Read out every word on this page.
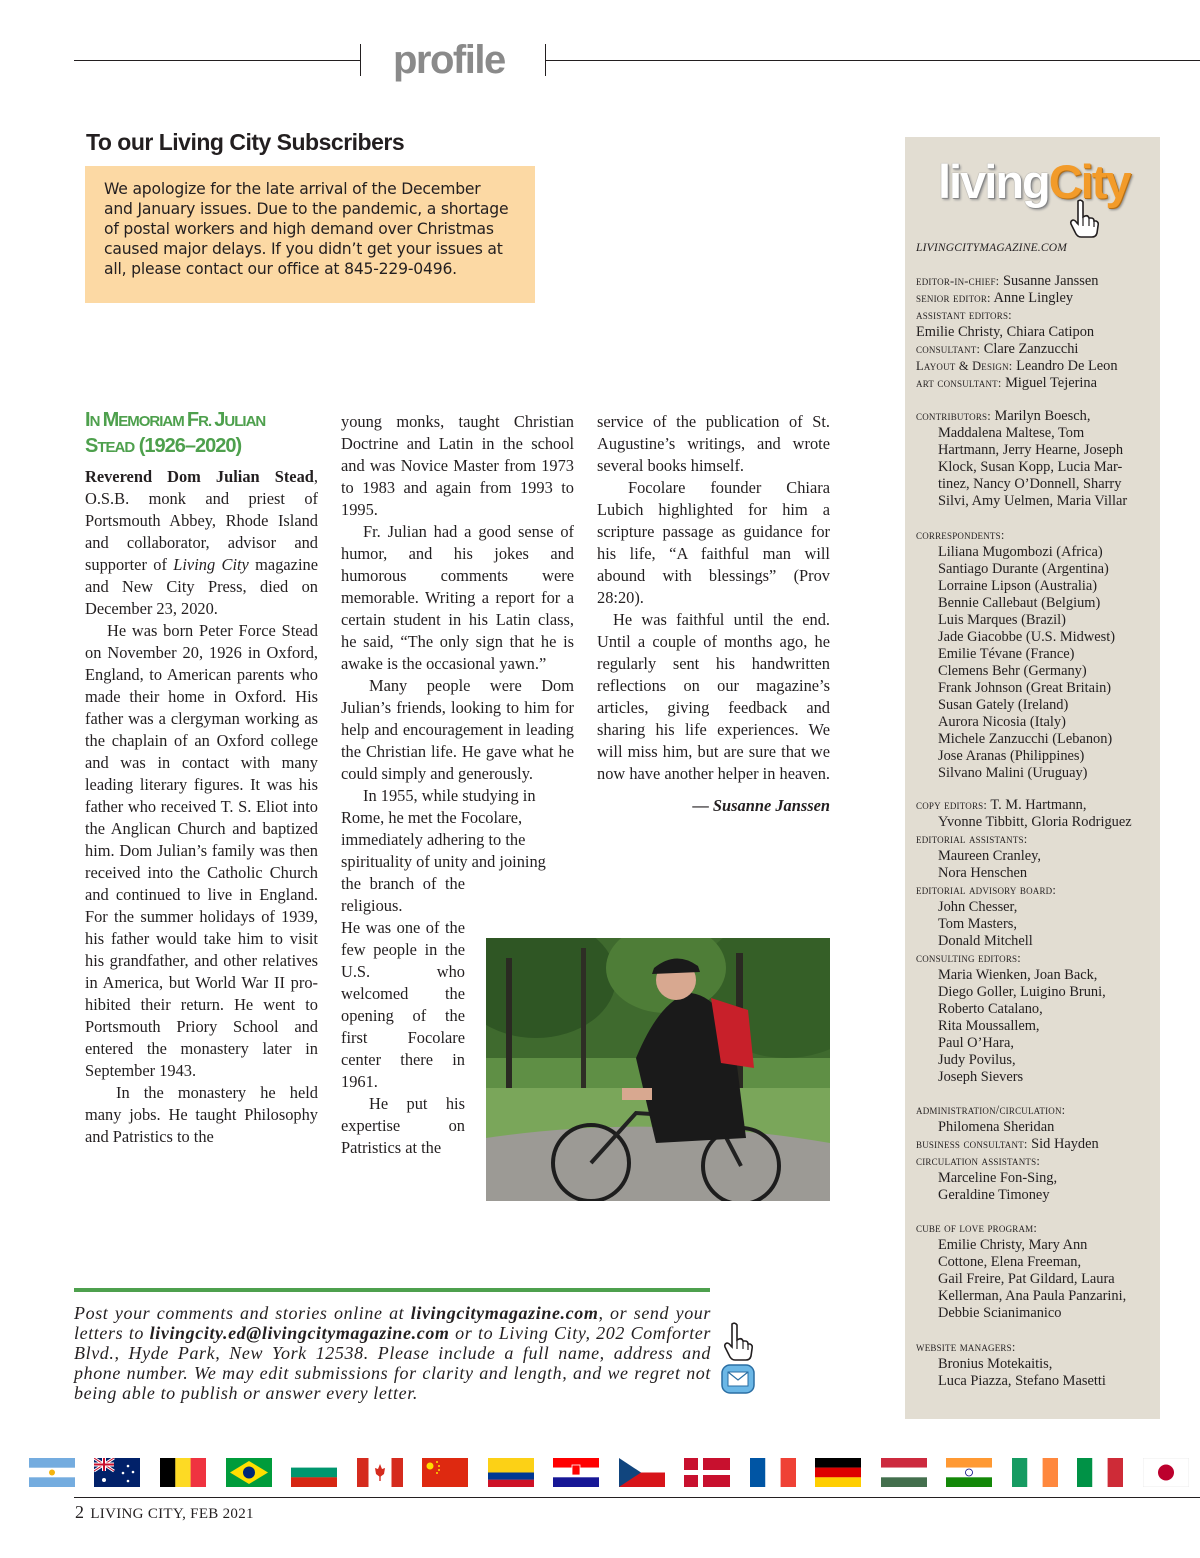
profile
To our Living City Subscribers
We apologize for the late arrival of the December
and January issues. Due to the pandemic, a shortage
of postal workers and high demand over Christmas
caused major delays. If you didn’t get your issues at
all, please contact our office at 845-229-0496.
IN MEMORIAM FR. JULIAN
STEAD (1926–2020)

Reverend Dom Julian Stead, O.S.B. monk and priest of Portsmouth Abbey, Rhode Island and collaborator, advisor and supporter of Living City magazine and New City Press, died on December 23, 2020.

He was born Peter Force Stead on November 20, 1926 in Oxford, England, to American parents who made their home in Oxford. His father was a clergyman working as the chaplain of an Oxford college and was in contact with many leading literary figures. It was his father who received T. S. Eliot into the Anglican Church and baptized him. Dom Julian’s family was then received into the Catholic Church and continued to live in England. For the summer holidays of 1939, his father would take him to visit his grandfather, and other relatives in America, but World War II prohibited their return. He went to Portsmouth Priory School and entered the monastery later in September 1943.

In the monastery he held many jobs. He taught Philosophy and Patristics to the

young monks, taught Christian Doctrine and Latin in the school and was Novice Master from 1973 to 1983 and again from 1993 to 1995.

Fr. Julian had a good sense of humor, and his jokes and humorous comments were memorable. Writing a report for a certain student in his Latin class, he said, “The only sign that he is awake is the occasional yawn.”

Many people were Dom Julian’s friends, looking to him for help and encouragement in leading the Christian life. He gave what he could simply and generously.

In 1955, while studying in Rome, he met the Focolare, immediately adhering to the spirituality of unity and joining

the branch of the religious.

He was one of the few people in the U.S. who welcomed the opening of the first Focolare center there in 1961.

He put his expertise on Patristics at the

service of the publication of St. Augustine’s writings, and wrote several books himself.

Focolare founder Chiara Lubich highlighted for him a scripture passage as guidance for his life, “A faithful man will abound with blessings” (Prov 28:20).

He was faithful until the end. Until a couple of months ago, he regularly sent his handwritten reflections on our magazine’s articles, giving feedback and sharing his life experiences. We will miss him, but are sure that we now have another helper in heaven.

— Susanne Janssen

livingCity
LIVINGCITYMAGAZINE.COM
editor-in-chief: Susanne Janssen
senior editor: Anne Lingley
assistant editors:
Emilie Christy, Chiara Catipon
consultant: Clare Zanzucchi
Layout & Design: Leandro De Leon
art consultant: Miguel Tejerina
contributors: Marilyn Boesch,
Maddalena Maltese, Tom
Hartmann, Jerry Hearne, Joseph
Klock, Susan Kopp, Lucia Mar-
tinez, Nancy O’Donnell, Sharry
Silvi, Amy Uelmen, Maria Villar
correspondents:
Liliana Mugombozi (Africa)
Santiago Durante (Argentina)
Lorraine Lipson (Australia)
Bennie Callebaut (Belgium)
Luis Marques (Brazil)
Jade Giacobbe (U.S. Midwest)
Emilie Tévane (France)
Clemens Behr (Germany)
Frank Johnson (Great Britain)
Susan Gately (Ireland)
Aurora Nicosia (Italy)
Michele Zanzucchi (Lebanon)
Jose Aranas (Philippines)
Silvano Malini (Uruguay)
copy editors: T. M. Hartmann,
Yvonne Tibbitt, Gloria Rodriguez
editorial assistants:
Maureen Cranley,
Nora Henschen
editorial advisory board:
John Chesser,
Tom Masters,
Donald Mitchell
consulting editors:
Maria Wienken, Joan Back,
Diego Goller, Luigino Bruni,
Roberto Catalano,
Rita Moussallem,
Paul O’Hara,
Judy Povilus,
Joseph Sievers
administration/circulation:
Philomena Sheridan
business consultant: Sid Hayden
circulation assistants:
Marceline Fon-Sing,
Geraldine Timoney
cube of love program:
Emilie Christy, Mary Ann
Cottone, Elena Freeman,
Gail Freire, Pat Gildard, Laura
Kellerman, Ana Paula Panzarini,
Debbie Scianimanico
website managers:
Bronius Motekaitis,
Luca Piazza, Stefano Masetti
Post your comments and stories online at livingcitymagazine.com, or send your letters to livingcity.ed@livingcitymagazine.com or to Living City, 202 Comforter Blvd., Hyde Park, New York 12538. Please include a full name, address and phone number. We may edit submissions for clarity and length, and we regret not being able to publish or answer every letter.
2 LIVING CITY, FEB 2021
